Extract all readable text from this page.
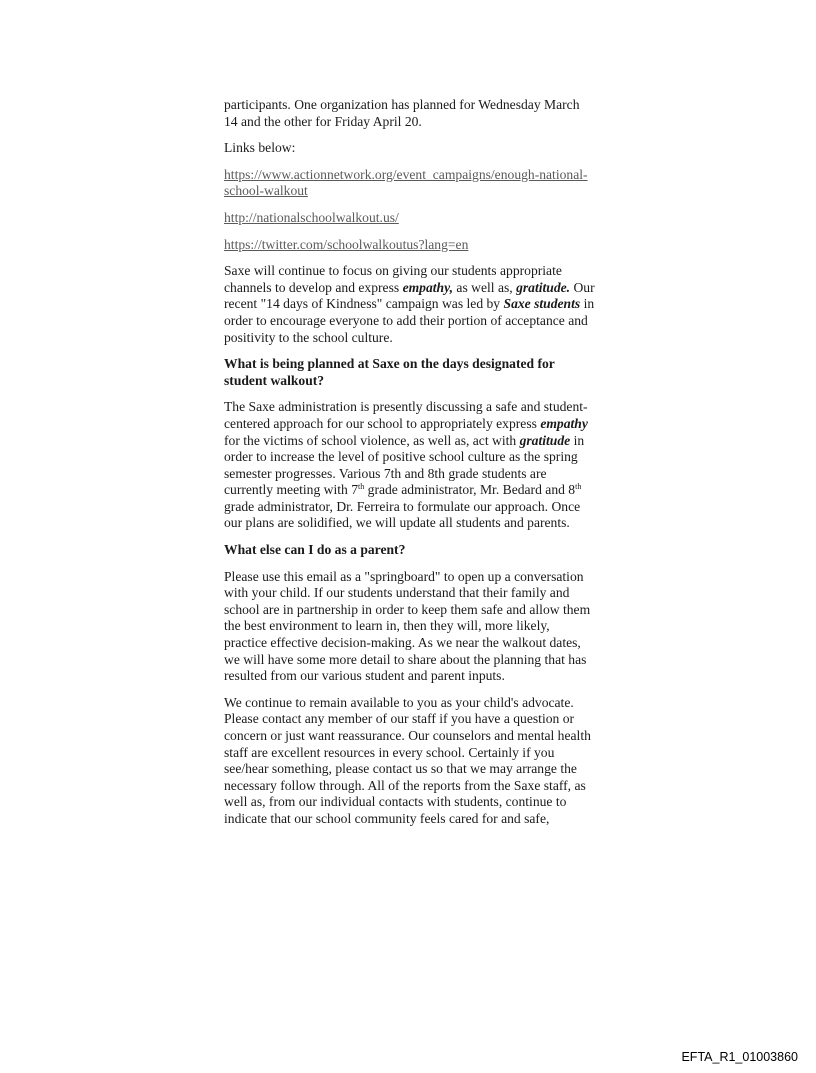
participants. One organization has planned for Wednesday March 14 and the other for Friday April 20.

Links below:

https://www.actionnetwork.org/event_campaigns/enough-national-school-walkout

http://nationalschoolwalkout.us/

https://twitter.com/schoolwalkoutus?lang=en

Saxe will continue to focus on giving our students appropriate channels to develop and express empathy, as well as, gratitude. Our recent "14 days of Kindness" campaign was led by Saxe students in order to encourage everyone to add their portion of acceptance and positivity to the school culture.

What is being planned at Saxe on the days designated for student walkout?

The Saxe administration is presently discussing a safe and student-centered approach for our school to appropriately express empathy for the victims of school violence, as well as, act with gratitude in order to increase the level of positive school culture as the spring semester progresses. Various 7th and 8th grade students are currently meeting with 7th grade administrator, Mr. Bedard and 8th grade administrator, Dr. Ferreira to formulate our approach. Once our plans are solidified, we will update all students and parents.

What else can I do as a parent?

Please use this email as a "springboard" to open up a conversation with your child. If our students understand that their family and school are in partnership in order to keep them safe and allow them the best environment to learn in, then they will, more likely, practice effective decision-making. As we near the walkout dates, we will have some more detail to share about the planning that has resulted from our various student and parent inputs.

We continue to remain available to you as your child's advocate. Please contact any member of our staff if you have a question or concern or just want reassurance. Our counselors and mental health staff are excellent resources in every school. Certainly if you see/hear something, please contact us so that we may arrange the necessary follow through. All of the reports from the Saxe staff, as well as, from our individual contacts with students, continue to indicate that our school community feels cared for and safe,

EFTA_R1_01003860
